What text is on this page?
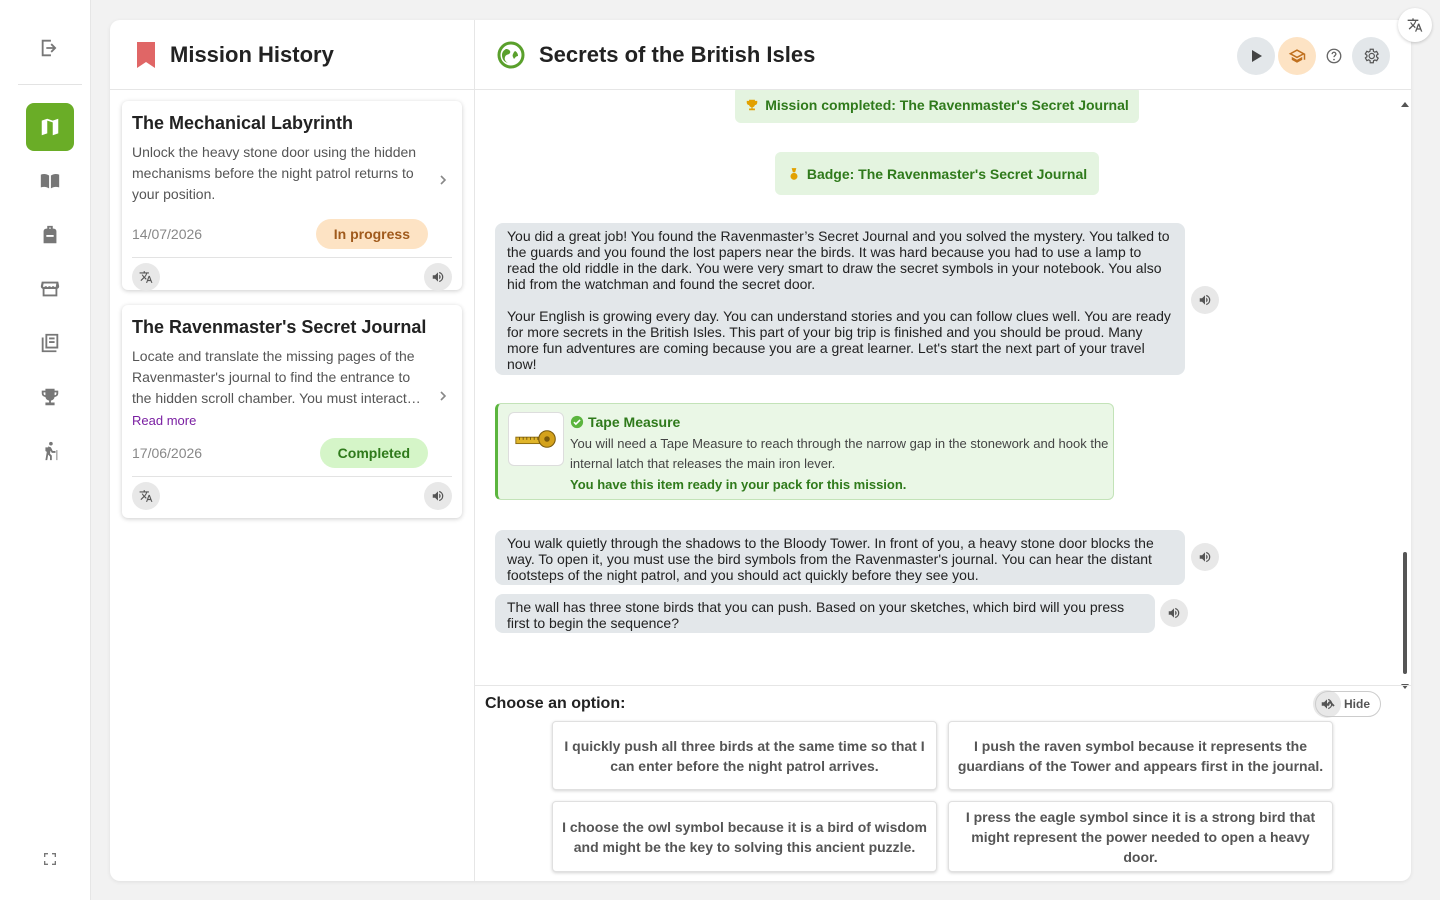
Mission History
The Mechanical Labyrinth
Unlock the heavy stone door using the hidden mechanisms before the night patrol returns to your position.
14/07/2026	In progress
The Ravenmaster's Secret Journal
Locate and translate the missing pages of the Ravenmaster's journal to find the entrance to the hidden scroll chamber. You must interact
Read more
17/06/2026	Completed
Secrets of the British Isles
Mission completed: The Ravenmaster's Secret Journal
Badge: The Ravenmaster's Secret Journal

You did a great job! You found the Ravenmaster’s Secret Journal and you solved the mystery. You talked to the guards and you found the lost papers near the birds. It was hard because you had to use a lamp to read the old riddle in the dark. You were very smart to draw the secret symbols in your notebook. You also hid from the watchman and found the secret door.

Your English is growing every day. You can understand stories and you can follow clues well. You are ready for more secrets in the British Isles. This part of your big trip is finished and you should be proud. Many more fun adventures are coming because you are a great learner. Let's start the next part of your travel now!

Tape Measure
You will need a Tape Measure to reach through the narrow gap in the stonework and hook the internal latch that releases the main iron lever.
You have this item ready in your pack for this mission.

You walk quietly through the shadows to the Bloody Tower. In front of you, a heavy stone door blocks the way. To open it, you must use the bird symbols from the Ravenmaster's journal. You can hear the distant footsteps of the night patrol, and you should act quickly before they see you.

The wall has three stone birds that you can push. Based on your sketches, which bird will you press first to begin the sequence?

Choose an option:	Hide
I quickly push all three birds at the same time so that I can enter before the night patrol arrives.
I push the raven symbol because it represents the guardians of the Tower and appears first in the journal.
I choose the owl symbol because it is a bird of wisdom and might be the key to solving this ancient puzzle.
I press the eagle symbol since it is a strong bird that might represent the power needed to open a heavy door.
